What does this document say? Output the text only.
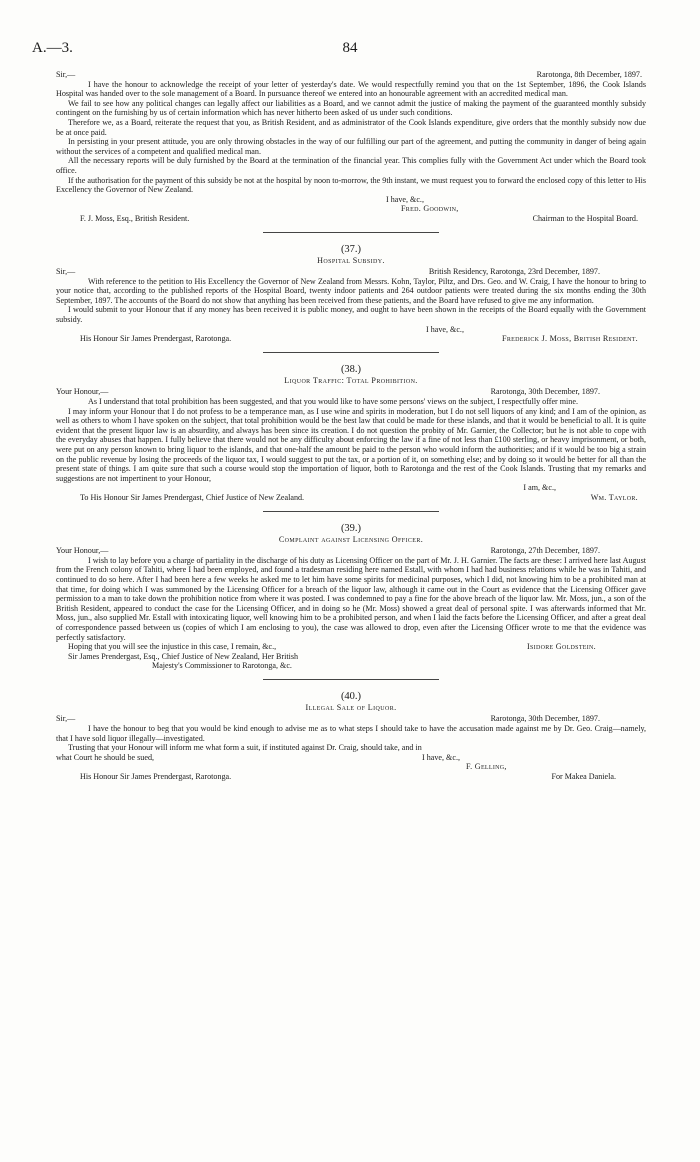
A.—3.	84
Sir,—	Rarotonga, 8th December, 1897.

I have the honour to acknowledge the receipt of your letter of yesterday's date. We would respectfully remind you that on the 1st September, 1896, the Cook Islands Hospital was handed over to the sole management of a Board. In pursuance thereof we entered into an honourable agreement with an accredited medical man.

We fail to see how any political changes can legally affect our liabilities as a Board, and we cannot admit the justice of making the payment of the guaranteed monthly subsidy contingent on the furnishing by us of certain information which has never hitherto been asked of us under such conditions.

Therefore we, as a Board, reiterate the request that you, as British Resident, and as administrator of the Cook Islands expenditure, give orders that the monthly subsidy now due be at once paid.

In persisting in your present attitude, you are only throwing obstacles in the way of our fulfilling our part of the agreement, and putting the community in danger of being again without the services of a competent and qualified medical man.

All the necessary reports will be duly furnished by the Board at the termination of the financial year. This complies fully with the Government Act under which the Board took office.

If the authorisation for the payment of this subsidy be not at the hospital by noon to-morrow, the 9th instant, we must request you to forward the enclosed copy of this letter to His Excellency the Governor of New Zealand.

I have, &c.,
Fred. Goodwin,
F. J. Moss, Esq., British Resident.	Chairman to the Hospital Board.
(37.)
Hospital Subsidy.
Sir,—	British Residency, Rarotonga, 23rd December, 1897.

With reference to the petition to His Excellency the Governor of New Zealand from Messrs. Kohn, Taylor, Piltz, and Drs. Geo. and W. Craig, I have the honour to bring to your notice that, according to the published reports of the Hospital Board, twenty indoor patients and 264 outdoor patients were treated during the six months ending the 30th September, 1897. The accounts of the Board do not show that anything has been received from these patients, and the Board have refused to give me any information.

I would submit to your Honour that if any money has been received it is public money, and ought to have been shown in the receipts of the Board equally with the Government subsidy.

I have, &c.,
His Honour Sir James Prendergast, Rarotonga.	Frederick J. Moss, British Resident.
(38.)
Liquor Traffic: Total Prohibition.
Your Honour,—	Rarotonga, 30th December, 1897.

As I understand that total prohibition has been suggested, and that you would like to have some persons' views on the subject, I respectfully offer mine.

I may inform your Honour that I do not profess to be a temperance man, as I use wine and spirits in moderation, but I do not sell liquors of any kind; and I am of the opinion, as well as others to whom I have spoken on the subject, that total prohibition would be the best law that could be made for these islands, and that it would be beneficial to all. It is quite evident that the present liquor law is an absurdity, and always has been since its creation. I do not question the probity of Mr. Garnier, the Collector; but he is not able to cope with the everyday abuses that happen. I fully believe that there would not be any difficulty about enforcing the law if a fine of not less than £100 sterling, or heavy imprisonment, or both, were put on any person known to bring liquor to the islands, and that one-half the amount be paid to the person who would inform the authorities; and if it would be too big a strain on the public revenue by losing the proceeds of the liquor tax, I would suggest to put the tax, or a portion of it, on something else; and by doing so it would be better for all than the present state of things. I am quite sure that such a course would stop the importation of liquor, both to Rarotonga and the rest of the Cook Islands. Trusting that my remarks and suggestions are not impertinent to your Honour,

I am, &c.,
To His Honour Sir James Prendergast, Chief Justice of New Zealand.	Wm. Taylor.
(39.)
Complaint against Licensing Officer.
Your Honour,—	Rarotonga, 27th December, 1897.

I wish to lay before you a charge of partiality in the discharge of his duty as Licensing Officer on the part of Mr. J. H. Garnier. The facts are these: I arrived here last August from the French colony of Tahiti, where I had been employed, and found a tradesman residing here named Estall, with whom I had had business relations while he was in Tahiti, and continued to do so here. After I had been here a few weeks he asked me to let him have some spirits for medicinal purposes, which I did, not knowing him to be a prohibited man at that time, for doing which I was summoned by the Licensing Officer for a breach of the liquor law, although it came out in the Court as evidence that the Licensing Officer gave permission to a man to take down the prohibition notice from where it was posted. I was condemned to pay a fine for the above breach of the liquor law. Mr. Moss, jun., a son of the British Resident, appeared to conduct the case for the Licensing Officer, and in doing so he (Mr. Moss) showed a great deal of personal spite. I was afterwards informed that Mr. Moss, jun., also supplied Mr. Estall with intoxicating liquor, well knowing him to be a prohibited person, and when I laid the facts before the Licensing Officer, and after a great deal of correspondence passed between us (copies of which I am enclosing to you), the case was allowed to drop, even after the Licensing Officer wrote to me that the evidence was perfectly satisfactory.

Hoping that you will see the injustice in this case, I remain, &c.,	Isidore Goldstein.
Sir James Prendergast, Esq., Chief Justice of New Zealand, Her British
Majesty's Commissioner to Rarotonga, &c.
(40.)
Illegal Sale of Liquor.
Sir,—	Rarotonga, 30th December, 1897.

I have the honour to beg that you would be kind enough to advise me as to what steps I should take to have the accusation made against me by Dr. Geo. Craig—namely, that I have sold liquor illegally—investigated.

Trusting that your Honour will inform me what form a suit, if instituted against Dr. Craig, should take, and in

what Court he should be sued,	I have, &c.,
F. Gelling,
His Honour Sir James Prendergast, Rarotonga.	For Makea Daniela.
